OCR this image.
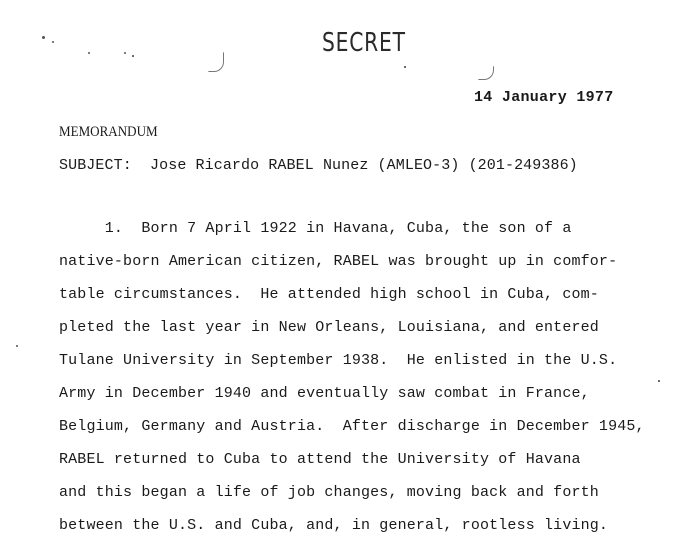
SECRET
14 January 1977
MEMORANDUM
SUBJECT: Jose Ricardo RABEL Nunez (AMLEO-3) (201-249386)
1.  Born 7 April 1922 in Havana, Cuba, the son of a
native-born American citizen, RABEL was brought up in comfor-
table circumstances.  He attended high school in Cuba, com-
pleted the last year in New Orleans, Louisiana, and entered
Tulane University in September 1938.  He enlisted in the U.S.
Army in December 1940 and eventually saw combat in France,
Belgium, Germany and Austria.  After discharge in December 1945,
RABEL returned to Cuba to attend the University of Havana
and this began a life of job changes, moving back and forth
between the U.S. and Cuba, and, in general, rootless living.
